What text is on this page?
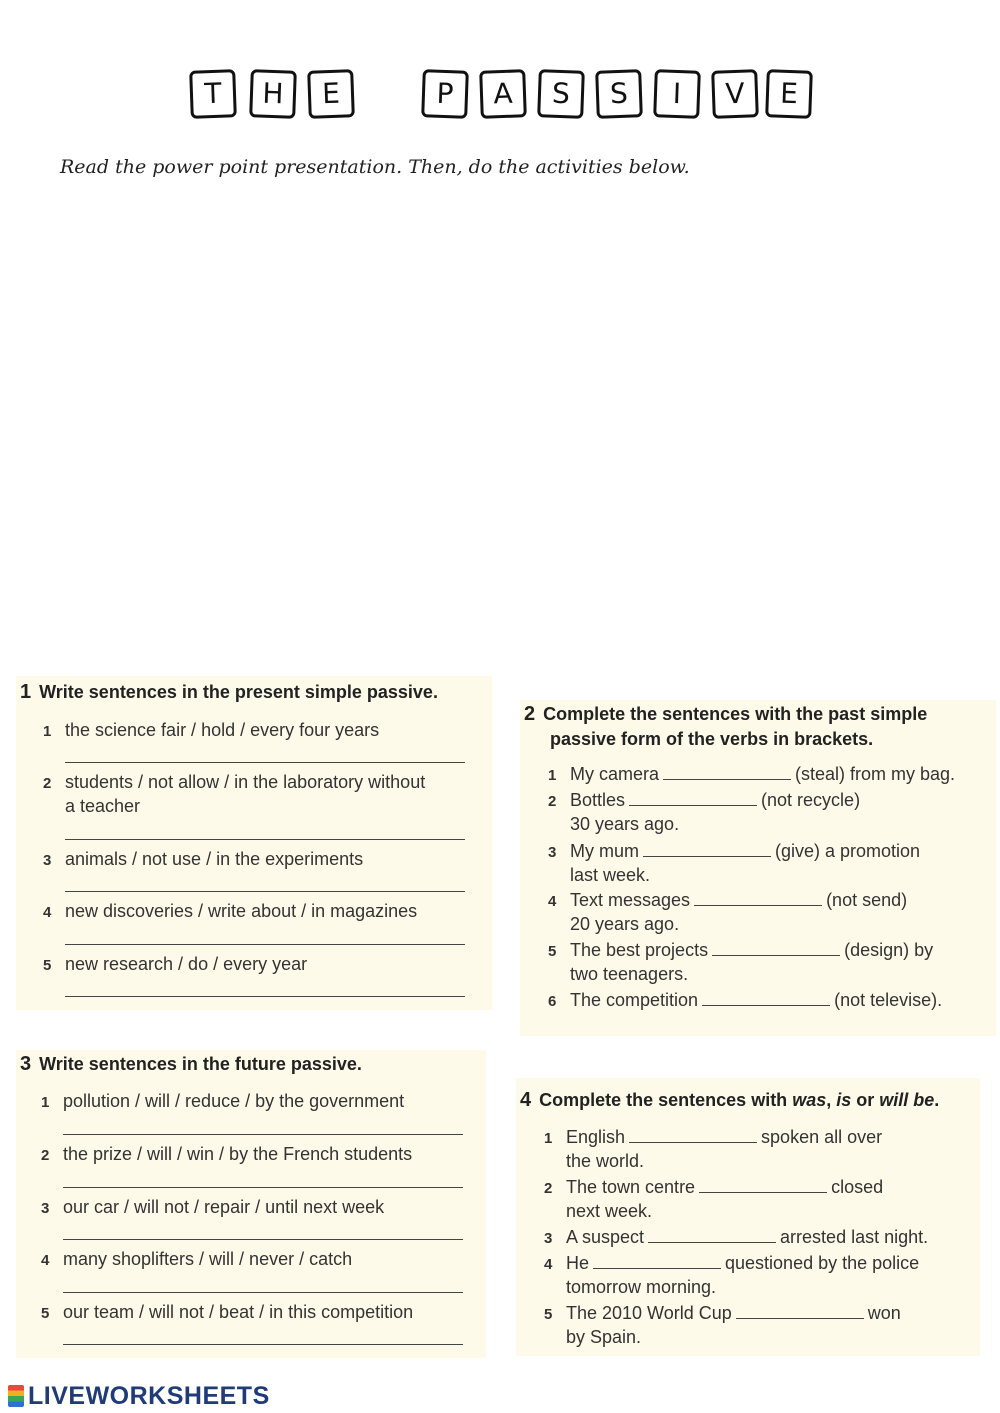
T	H	E	P	A	S	S	I	V	E

Read the power point presentation. Then, do the activities below.

1 Write sentences in the present simple passive.
1 the science fair / hold / every four years
2 students / not allow / in the laboratory without
a teacher
3 animals / not use / in the experiments
4 new discoveries / write about / in magazines
5 new research / do / every year
2 Complete the sentences with the past simple
passive form of the verbs in brackets.
1 My camera	(steal) from my bag.
2 Bottles	(not recycle)
30 years ago.
3 My mum	(give) a promotion
last week.
4 Text messages	(not send)
20 years ago.
5 The best projects	(design) by
two teenagers.
6 The competition	(not televise).
3 Write sentences in the future passive.
1 pollution / will / reduce / by the government
2 the prize / will / win / by the French students
3 our car / will not / repair / until next week
4 many shoplifters / will / never / catch
5 our team / will not / beat / in this competition
4 Complete the sentences with was, is or will be.
1 English	spoken all over
the world.
2 The town centre	closed
next week.
3 A suspect	arrested last night.
4 He	questioned by the police
tomorrow morning.
5 The 2010 World Cup	won
by Spain.
LIVEWORKSHEETS
